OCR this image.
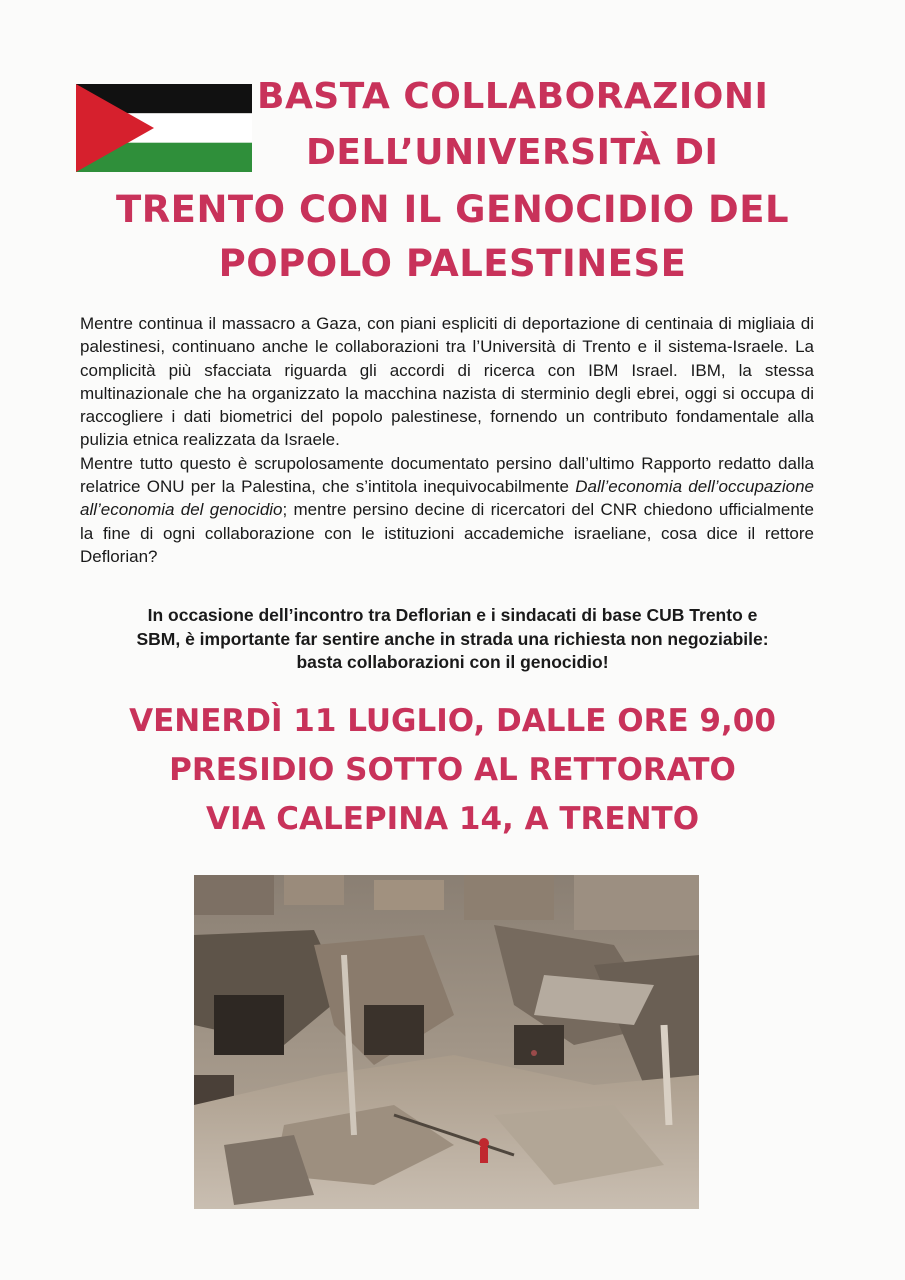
BASTA COLLABORAZIONI
DELL’UNIVERSITÀ DI
TRENTO CON IL GENOCIDIO DEL
POPOLO PALESTINESE

Mentre continua il massacro a Gaza, con piani espliciti di deportazione di centinaia di migliaia di palestinesi, continuano anche le collaborazioni tra l’Università di Trento e il sistema-Israele. La complicità più sfacciata riguarda gli accordi di ricerca con IBM Israel. IBM, la stessa multinazionale che ha organizzato la macchina nazista di sterminio degli ebrei, oggi si occupa di raccogliere i dati biometrici del popolo palestinese, fornendo un contributo fondamentale alla pulizia etnica realizzata da Israele.

Mentre tutto questo è scrupolosamente documentato persino dall’ultimo Rapporto redatto dalla relatrice ONU per la Palestina, che s’intitola inequivocabilmente Dall’economia dell’occupazione all’economia del genocidio; mentre persino decine di ricercatori del CNR chiedono ufficialmente la fine di ogni collaborazione con le istituzioni accademiche israeliane, cosa dice il rettore Deflorian?

In occasione dell’incontro tra Deflorian e i sindacati di base CUB Trento e
SBM, è importante far sentire anche in strada una richiesta non negoziabile:
basta collaborazioni con il genocidio!
VENERDÌ 11 LUGLIO, DALLE ORE 9,00
PRESIDIO SOTTO AL RETTORATO
VIA CALEPINA 14, A TRENTO
